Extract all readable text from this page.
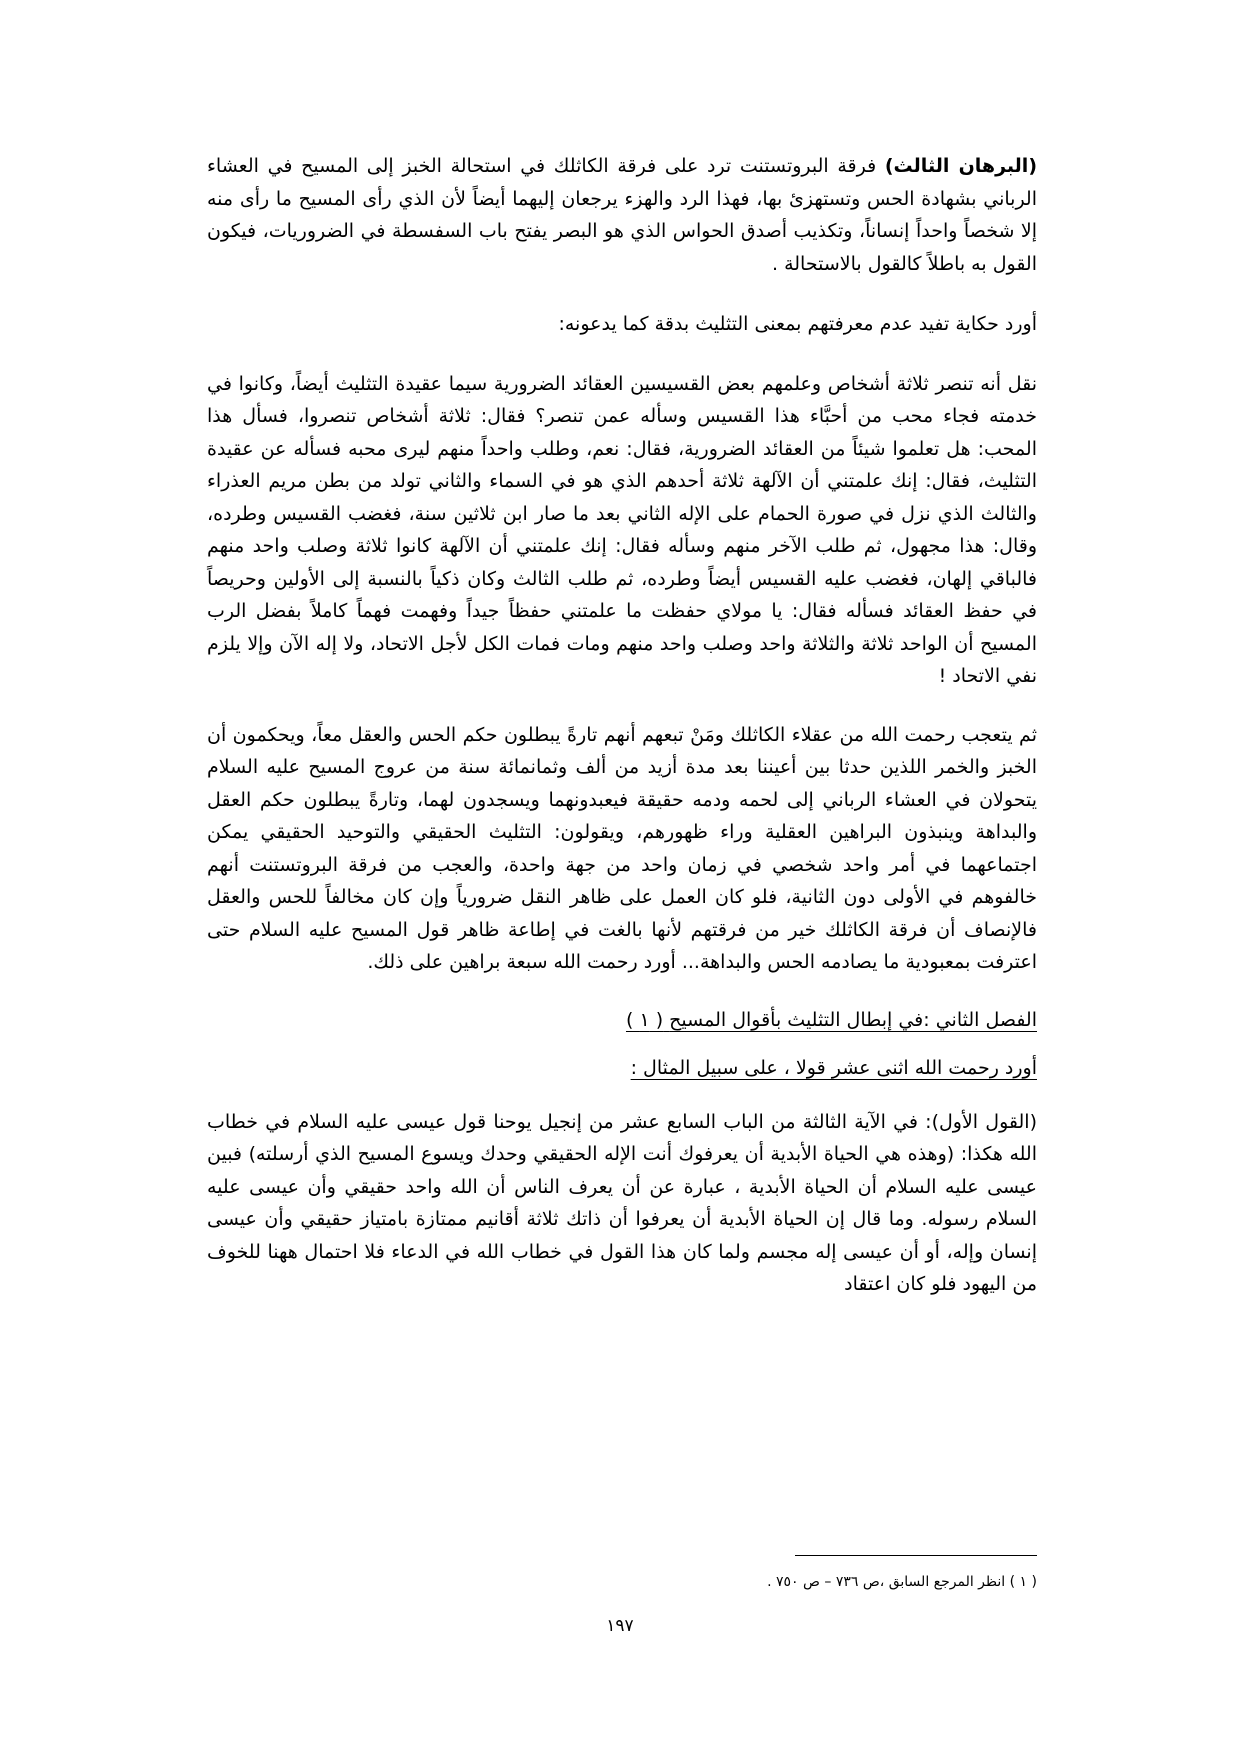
(البرهان الثالث) فرقة البروتستنت ترد على فرقة الكاثلك في استحالة الخبز إلى المسيح في العشاء الرباني بشهادة الحس وتستهزئ بها، فهذا الرد والهزء يرجعان إليهما أيضاً لأن الذي رأى المسيح ما رأى منه إلا شخصاً واحداً إنساناً، وتكذيب أصدق الحواس الذي هو البصر يفتح باب السفسطة في الضروريات، فيكون القول به باطلاً كالقول بالاستحالة .

أورد حكاية تفيد عدم معرفتهم بمعنى التثليث بدقة كما يدعونه:

نقل أنه تنصر ثلاثة أشخاص وعلمهم بعض القسيسين العقائد الضرورية سيما عقيدة التثليث أيضاً، وكانوا في خدمته فجاء محب من أحبَّاء هذا القسيس وسأله عمن تنصر؟ فقال: ثلاثة أشخاص تنصروا، فسأل هذا المحب: هل تعلموا شيئاً من العقائد الضرورية، فقال: نعم، وطلب واحداً منهم ليرى محبه فسأله عن عقيدة التثليث، فقال: إنك علمتني أن الآلهة ثلاثة أحدهم الذي هو في السماء والثاني تولد من بطن مريم العذراء والثالث الذي نزل في صورة الحمام على الإله الثاني بعد ما صار ابن ثلاثين سنة، فغضب القسيس وطرده، وقال: هذا مجهول، ثم طلب الآخر منهم وسأله فقال: إنك علمتني أن الآلهة كانوا ثلاثة وصلب واحد منهم فالباقي إلهان، فغضب عليه القسيس أيضاً وطرده، ثم طلب الثالث وكان ذكياً بالنسبة إلى الأولين وحريصاً في حفظ العقائد فسأله فقال: يا مولاي حفظت ما علمتني حفظاً جيداً وفهمت فهماً كاملاً بفضل الرب المسيح أن الواحد ثلاثة والثلاثة واحد وصلب واحد منهم ومات فمات الكل لأجل الاتحاد، ولا إله الآن وإلا يلزم نفي الاتحاد !

ثم يتعجب رحمت الله من عقلاء الكاثلك ومَنْ تبعهم أنهم تارةً يبطلون حكم الحس والعقل معاً، ويحكمون أن الخبز والخمر اللذين حدثا بين أعيننا بعد مدة أزيد من ألف وثمانمائة سنة من عروج المسيح عليه السلام يتحولان في العشاء الرباني إلى لحمه ودمه حقيقة فيعبدونهما ويسجدون لهما، وتارةً يبطلون حكم العقل والبداهة وينبذون البراهين العقلية وراء ظهورهم، ويقولون: التثليث الحقيقي والتوحيد الحقيقي يمكن اجتماعهما في أمر واحد شخصي في زمان واحد من جهة واحدة، والعجب من فرقة البروتستنت أنهم خالفوهم في الأولى دون الثانية، فلو كان العمل على ظاهر النقل ضرورياً وإن كان مخالفاً للحس والعقل فالإنصاف أن فرقة الكاثلك خير من فرقتهم لأنها بالغت في إطاعة ظاهر قول المسيح عليه السلام حتى اعترفت بمعبودية ما يصادمه الحس والبداهة... أورد رحمت الله سبعة براهين على ذلك.

الفصل الثاني :في إبطال التثليث بأقوال المسيح ( ١ )

أورد رحمت الله اثنى عشر قولا ، على سبيل المثال :

(القول الأول): في الآية الثالثة من الباب السابع عشر من إنجيل يوحنا قول عيسى عليه السلام في خطاب الله هكذا: (وهذه هي الحياة الأبدية أن يعرفوك أنت الإله الحقيقي وحدك ويسوع المسيح الذي أرسلته) فبين عيسى عليه السلام أن الحياة الأبدية ، عبارة عن أن يعرف الناس أن الله واحد حقيقي وأن عيسى عليه السلام رسوله. وما قال إن الحياة الأبدية أن يعرفوا أن ذاتك ثلاثة أقانيم ممتازة بامتياز حقيقي وأن عيسى إنسان وإله، أو أن عيسى إله مجسم ولما كان هذا القول في خطاب الله في الدعاء فلا احتمال ههنا للخوف من اليهود فلو كان اعتقاد

( ١ ) انظر المرجع السابق ،ص ٧٣٦ – ص ٧٥٠ .

١٩٧
